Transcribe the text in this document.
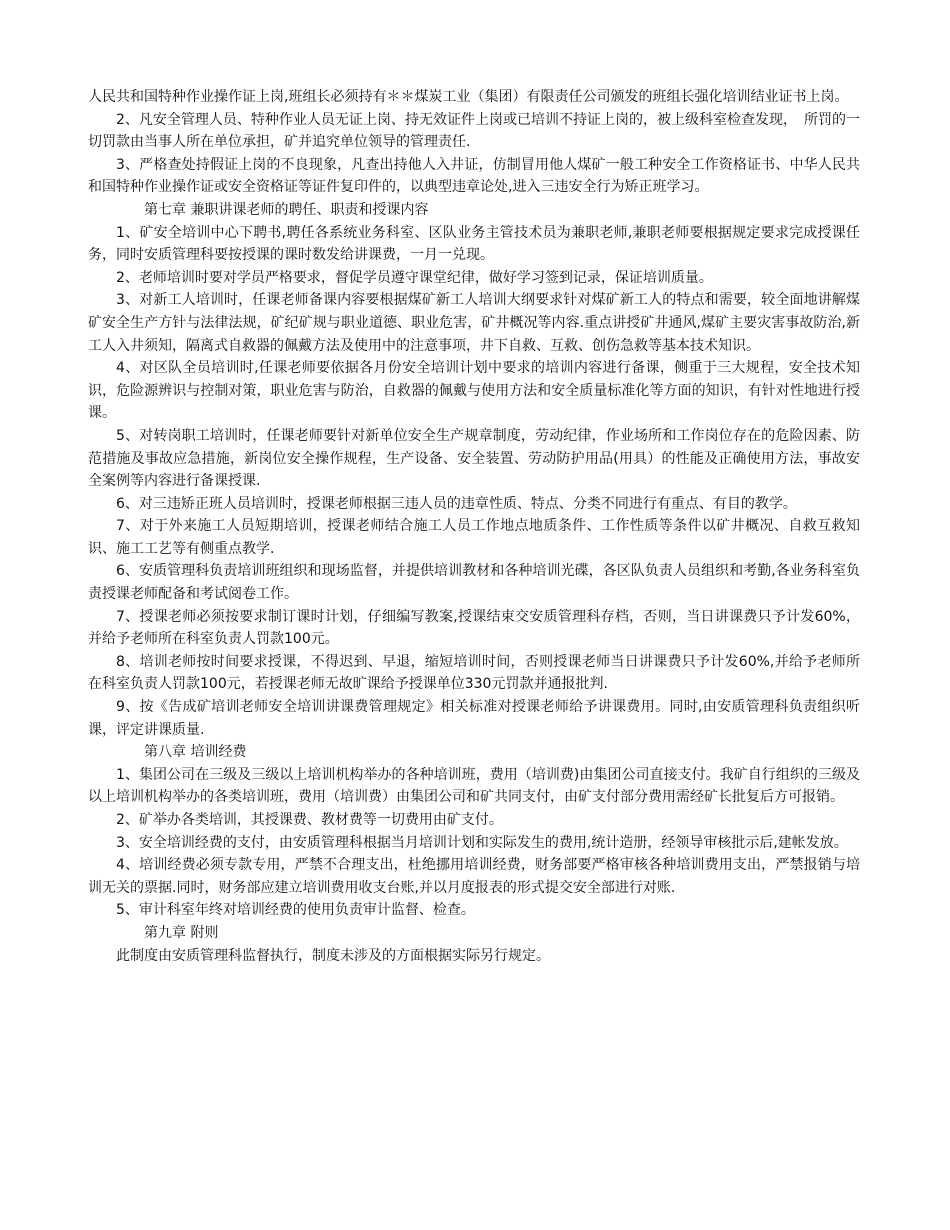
人民共和国特种作业操作证上岗,班组长必须持有＊＊煤炭工业（集团）有限责任公司颁发的班组长强化培训结业证书上岗。

2、凡安全管理人员、特种作业人员无证上岗、持无效证件上岗或已培训不持证上岗的，被上级科室检查发现，　所罚的一切罚款由当事人所在单位承担，矿并追究单位领导的管理责任.

3、严格查处持假证上岗的不良现象，凡查出持他人入井证，仿制冒用他人煤矿一般工种安全工作资格证书、中华人民共和国特种作业操作证或安全资格证等证件复印件的，以典型违章论处,进入三违安全行为矫正班学习。

第七章 兼职讲课老师的聘任、职责和授课内容

1、矿安全培训中心下聘书,聘任各系统业务科室、区队业务主管技术员为兼职老师,兼职老师要根据规定要求完成授课任务，同时安质管理科要按授课的课时数发给讲课费，一月一兑现。

2、老师培训时要对学员严格要求，督促学员遵守课堂纪律，做好学习签到记录，保证培训质量。

3、对新工人培训时，任课老师备课内容要根据煤矿新工人培训大纲要求针对煤矿新工人的特点和需要，较全面地讲解煤矿安全生产方针与法律法规，矿纪矿规与职业道德、职业危害，矿井概况等内容.重点讲授矿井通风,煤矿主要灾害事故防治,新工人入井须知，隔离式自救器的佩戴方法及使用中的注意事项，井下自救、互救、创伤急救等基本技术知识。

4、对区队全员培训时,任课老师要依据各月份安全培训计划中要求的培训内容进行备课，侧重于三大规程，安全技术知识，危险源辨识与控制对策，职业危害与防治，自救器的佩戴与使用方法和安全质量标准化等方面的知识，有针对性地进行授课。

5、对转岗职工培训时，任课老师要针对新单位安全生产规章制度，劳动纪律，作业场所和工作岗位存在的危险因素、防范措施及事故应急措施，新岗位安全操作规程，生产设备、安全装置、劳动防护用品(用具）的性能及正确使用方法，事故安全案例等内容进行备课授课.

6、对三违矫正班人员培训时，授课老师根据三违人员的违章性质、特点、分类不同进行有重点、有目的教学。

7、对于外来施工人员短期培训，授课老师结合施工人员工作地点地质条件、工作性质等条件以矿井概况、自救互救知识、施工工艺等有侧重点教学.

6、安质管理科负责培训班组织和现场监督，并提供培训教材和各种培训光碟，各区队负责人员组织和考勤,各业务科室负责授课老师配备和考试阅卷工作。

7、授课老师必须按要求制订课时计划，仔细编写教案,授课结束交安质管理科存档，否则，当日讲课费只予计发60%，并给予老师所在科室负责人罚款100元。

8、培训老师按时间要求授课，不得迟到、早退，缩短培训时间，否则授课老师当日讲课费只予计发60%,并给予老师所在科室负责人罚款100元，若授课老师无故旷课给予授课单位330元罚款并通报批判.

9、按《告成矿培训老师安全培训讲课费管理规定》相关标准对授课老师给予讲课费用。同时,由安质管理科负责组织听课，评定讲课质量.

第八章 培训经费

1、集团公司在三级及三级以上培训机构举办的各种培训班，费用（培训费)由集团公司直接支付。我矿自行组织的三级及以上培训机构举办的各类培训班，费用（培训费）由集团公司和矿共同支付，由矿支付部分费用需经矿长批复后方可报销。

2、矿举办各类培训，其授课费、教材费等一切费用由矿支付。

3、安全培训经费的支付，由安质管理科根据当月培训计划和实际发生的费用,统计造册，经领导审核批示后,建帐发放。

4、培训经费必须专款专用，严禁不合理支出，杜绝挪用培训经费，财务部要严格审核各种培训费用支出，严禁报销与培训无关的票据.同时，财务部应建立培训费用收支台账,并以月度报表的形式提交安全部进行对账.

5、审计科室年终对培训经费的使用负责审计监督、检查。

第九章 附则

此制度由安质管理科监督执行，制度未涉及的方面根据实际另行规定。
